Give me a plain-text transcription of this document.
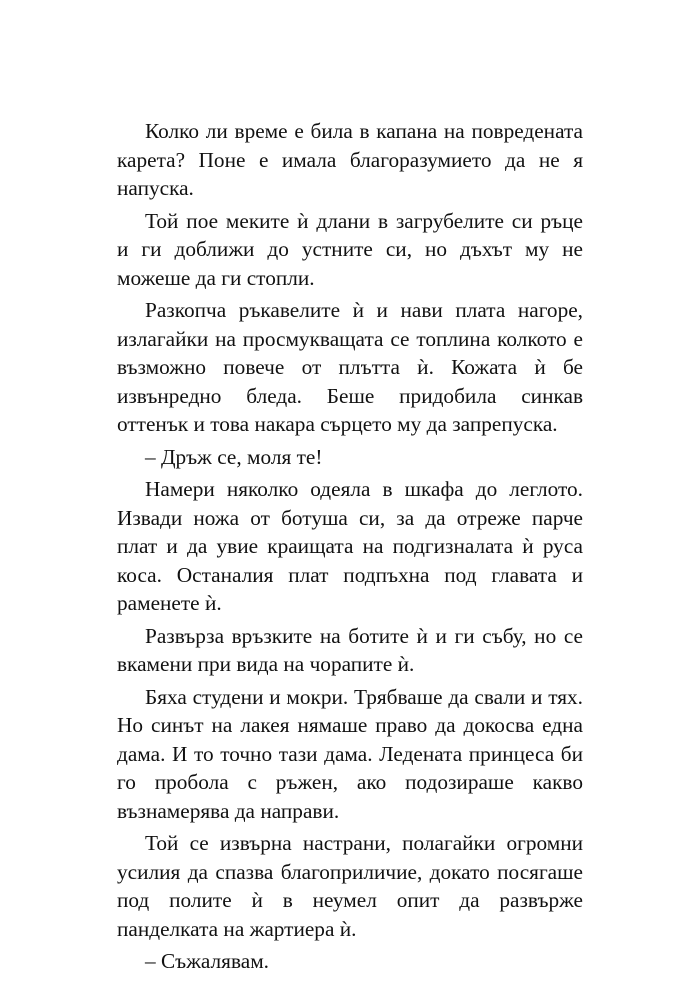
Колко ли време е била в капана на повредената
карета? Поне е имала благоразумието да не я
напуска.

Той пое меките ѝ длани в загрубелите си ръце
и ги доближи до устните си, но дъхът му не
можеше да ги стопли.

Разкопча ръкавелите ѝ и нави плата нагоре,
излагайки на просмукващата се топлина колкото е
възможно повече от плътта ѝ. Кожата ѝ бе
извънредно бледа. Беше придобила синкав
оттенък и това накара сърцето му да запрепуска.

– Дръж се, моля те!

Намери няколко одеяла в шкафа до леглото.
Извади ножа от ботуша си, за да отреже парче
плат и да увие краищата на подгизналата ѝ руса
коса. Останалия плат подпъхна под главата и
раменете ѝ.

Развърза връзките на ботите ѝ и ги събу, но се
вкамени при вида на чорапите ѝ.

Бяха студени и мокри. Трябваше да свали и тях.
Но синът на лакея нямаше право да докосва една
дама. И то точно тази дама. Ледената принцеса би
го пробола с ръжен, ако подозираше какво
възнамерява да направи.

Той се извърна настрани, полагайки огромни
усилия да спазва благоприличие, докато посягаше
под полите ѝ в неумел опит да развърже
панделката на жартиера ѝ.

– Съжалявам.
